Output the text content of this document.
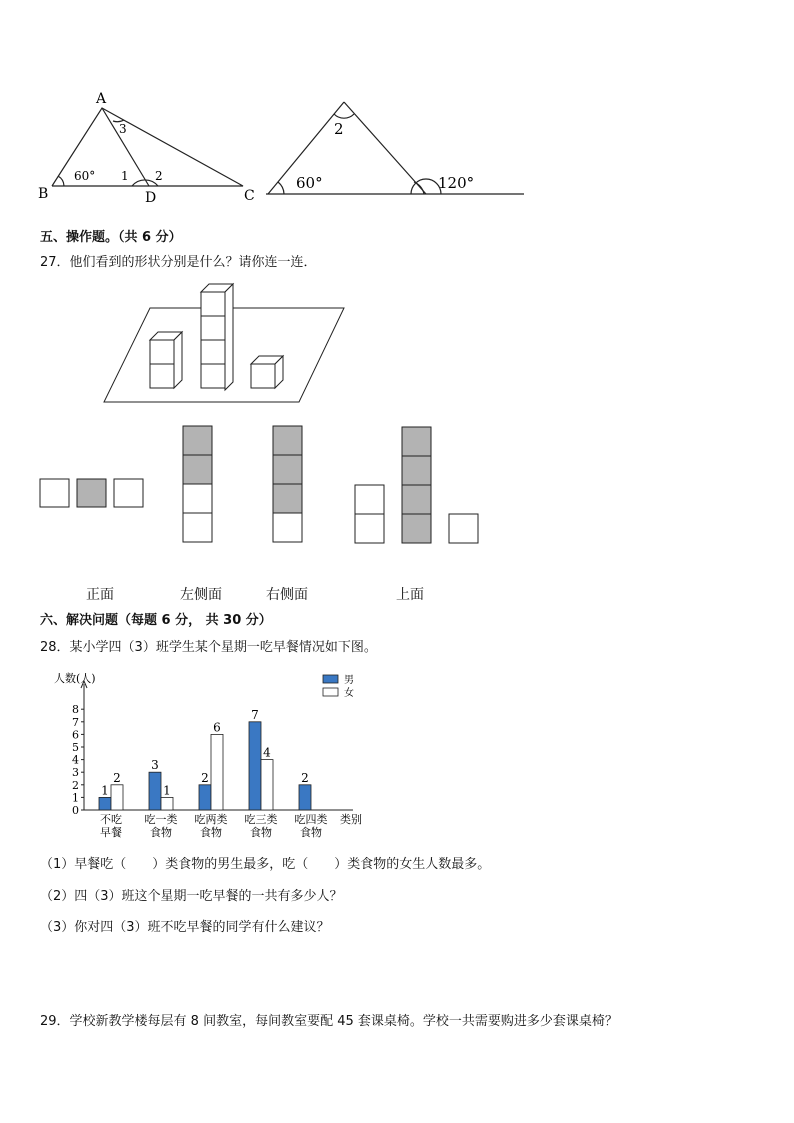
A
B	C
D
60° 1 2
3	2
60°	120°
五、操作题。（共 6 分）
27．他们看到的形状分别是什么？请你连一连．
正面	左侧面	右侧面	上面
六、解决问题（每题 6 分， 共 30 分）
28．某小学四（3）班学生某个星期一吃早餐情况如下图。
人数(人)
类别
0
1
2
3
4
5
6
7
8
1
2
3
1
2
6
7
4
2
不吃
早餐
吃一类
食物
吃两类
食物
吃三类
食物
吃四类
食物
男
女
（1）早餐吃（　　）类食物的男生最多，吃（　　）类食物的女生人数最多。
（2）四（3）班这个星期一吃早餐的一共有多少人？
（3）你对四（3）班不吃早餐的同学有什么建议？
29．学校新教学楼每层有 8 间教室，每间教室要配 45 套课桌椅。学校一共需要购进多少套课桌椅？
